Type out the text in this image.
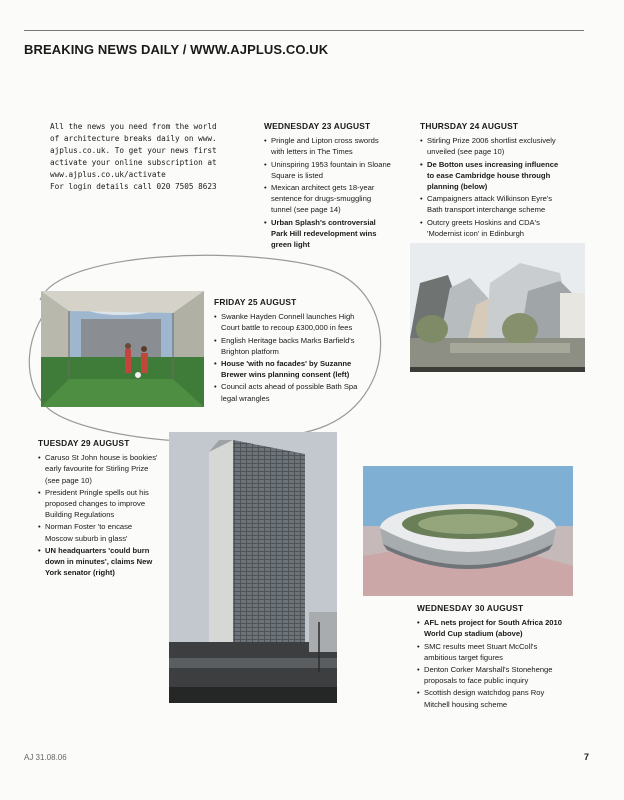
BREAKING NEWS DAILY / WWW.AJPLUS.CO.UK
All the news you need from the world
of architecture breaks daily on www.
ajplus.co.uk. To get your news first
activate your online subscription at
www.ajplus.co.uk/activate
For login details call 020 7505 8623
WEDNESDAY 23 AUGUST
• Pringle and Lipton cross swords with letters in The Times
• Uninspiring 1953 fountain in Sloane Square is listed
• Mexican architect gets 18-year sentence for drugs-smuggling tunnel (see page 14)
• Urban Splash's controversial Park Hill redevelopment wins green light
THURSDAY 24 AUGUST
• Stirling Prize 2006 shortlist exclusively unveiled (see page 10)
• De Botton uses increasing influence to ease Cambridge house through planning (below)
• Campaigners attack Wilkinson Eyre's Bath transport interchange scheme
• Outcry greets Hoskins and CDA's 'Modernist icon' in Edinburgh
FRIDAY 25 AUGUST
• Swanke Hayden Connell launches High Court battle to recoup £300,000 in fees
• English Heritage backs Marks Barfield's Brighton platform
• House 'with no facades' by Suzanne Brewer wins planning consent (left)
• Council acts ahead of possible Bath Spa legal wrangles
TUESDAY 29 AUGUST
• Caruso St John house is bookies' early favourite for Stirling Prize (see page 10)
• President Pringle spells out his proposed changes to improve Building Regulations
• Norman Foster 'to encase Moscow suburb in glass'
• UN headquarters 'could burn down in minutes', claims New York senator (right)
WEDNESDAY 30 AUGUST
• AFL nets project for South Africa 2010 World Cup stadium (above)
• SMC results meet Stuart McColl's ambitious target figures
• Denton Corker Marshall's Stonehenge proposals to face public inquiry
• Scottish design watchdog pans Roy Mitchell housing scheme
AJ 31.08.06	7
